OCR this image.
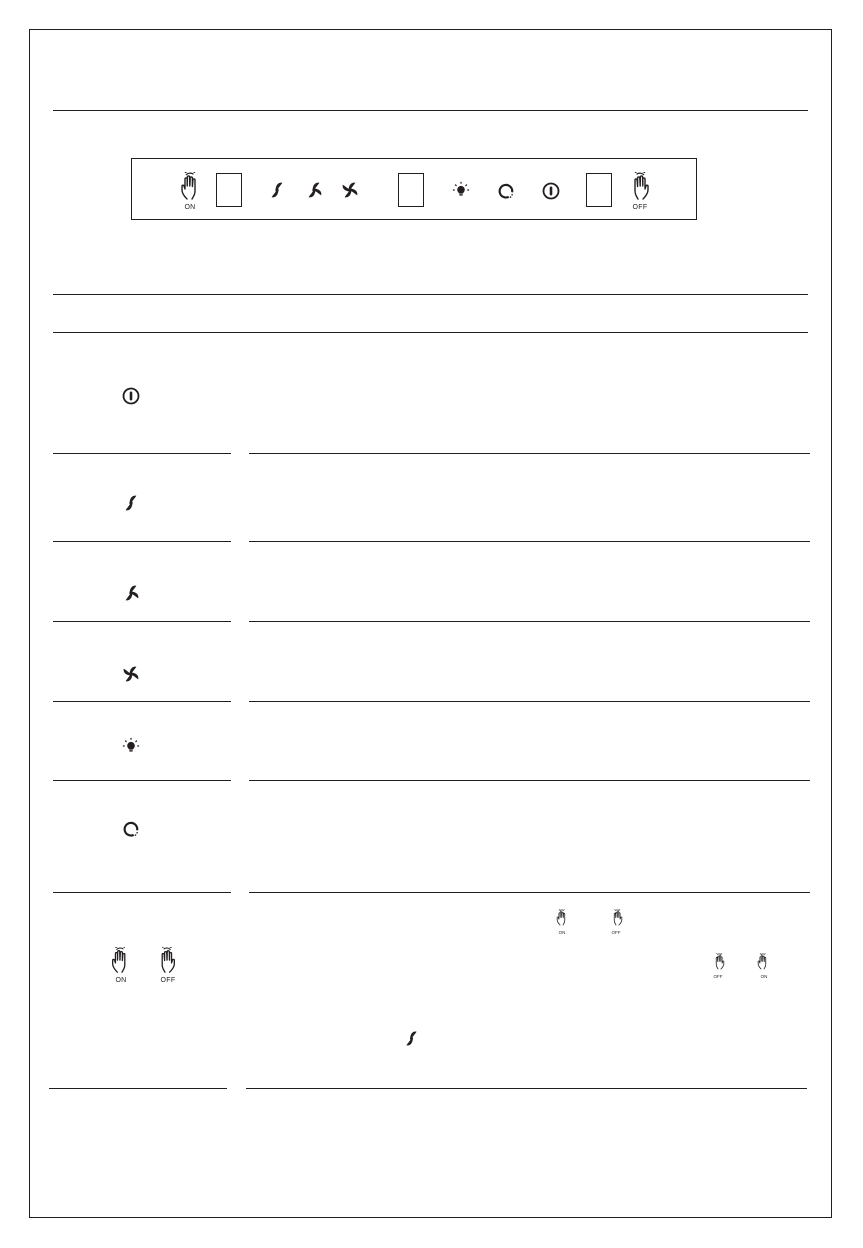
ON	OFF
ON	OFF
ON	OFF
OFF	ON
